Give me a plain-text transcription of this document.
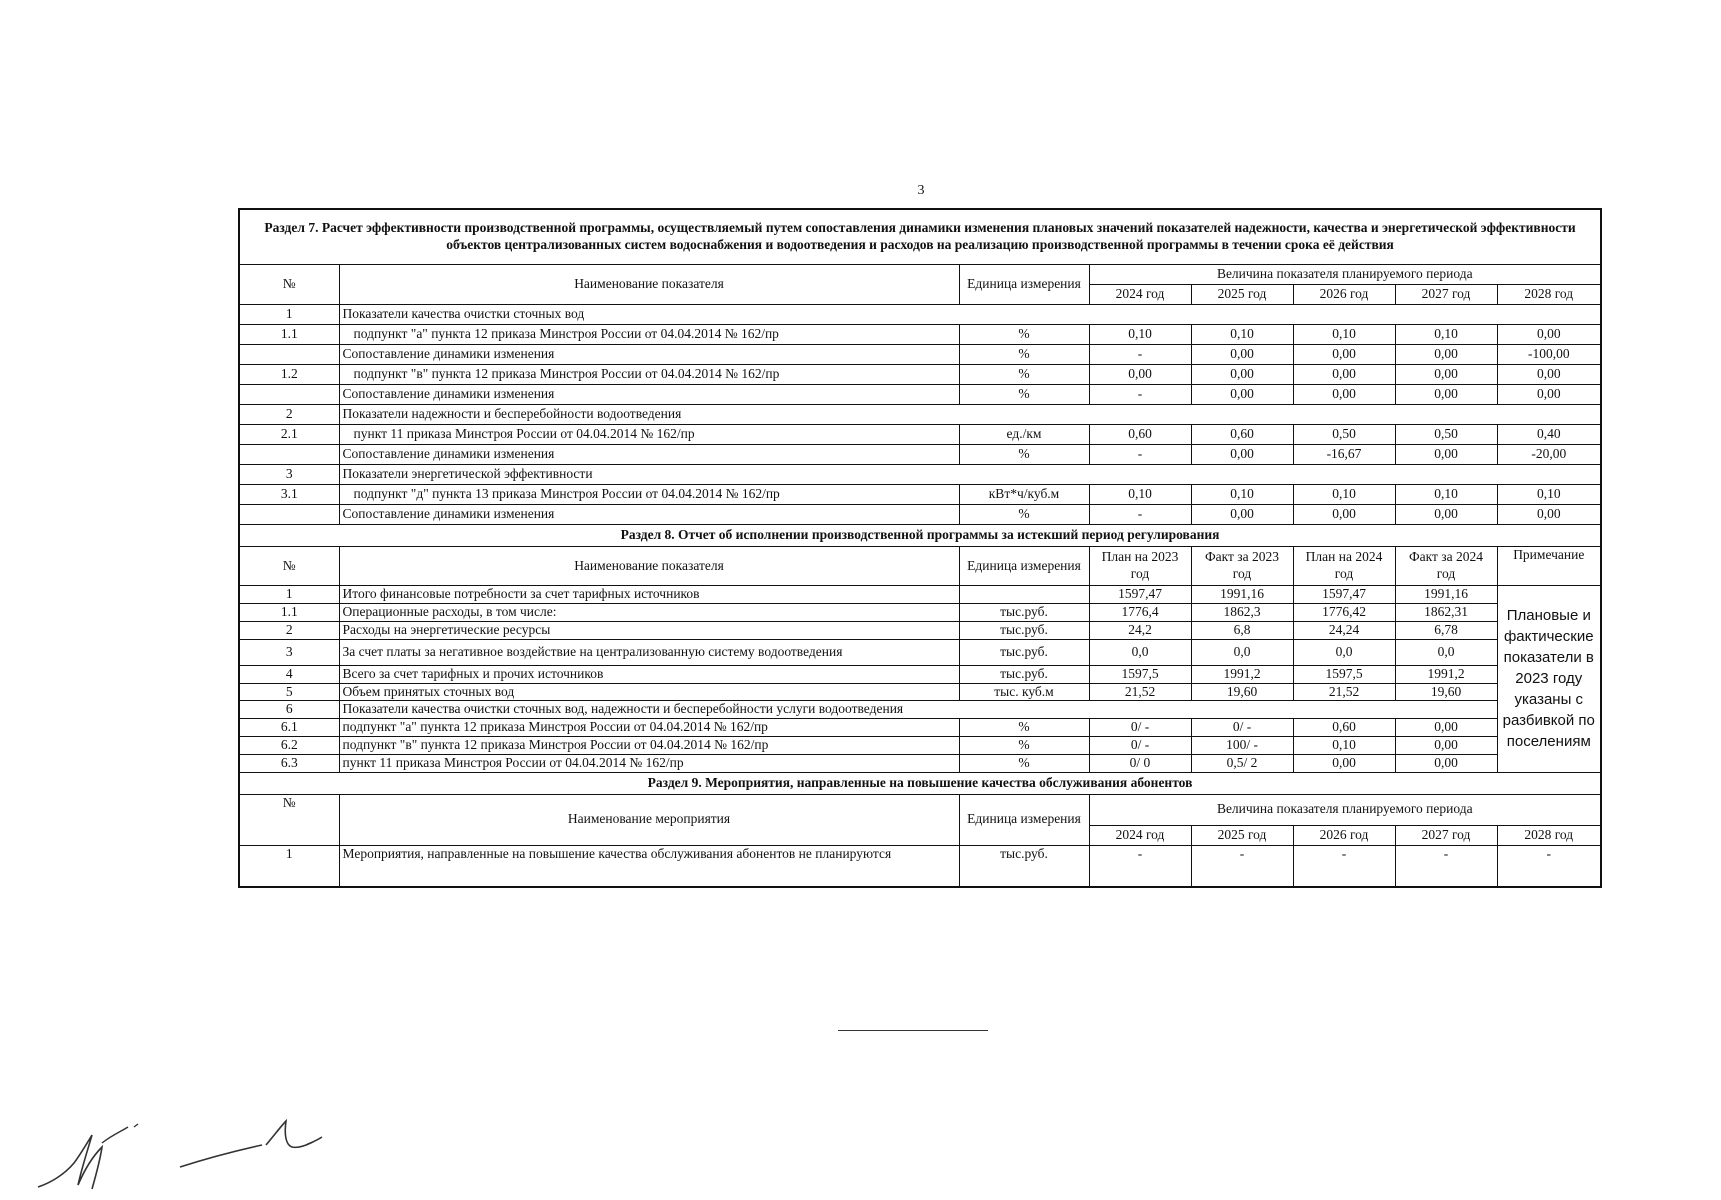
3
Раздел 7. Расчет эффективности производственной программы, осуществляемый путем сопоставления динамики изменения плановых значений показателей надежности, качества и энергетической эффективности объектов централизованных систем водоснабжения и водоотведения и расходов на реализацию производственной программы в течении срока её действия							
№	Наименование показателя	Единица измерения	Величина показателя планируемого периода				
			2024 год	2025 год	2026 год	2027 год	2028 год
1	Показатели качества очистки сточных вод						
1.1	подпункт "а" пункта 12 приказа Минстроя России от 04.04.2014 № 162/пр	%	0,10	0,10	0,10	0,10	0,00
	Сопоставление динамики изменения	%	-	0,00	0,00	0,00	-100,00
1.2	подпункт "в" пункта 12 приказа Минстроя России от 04.04.2014 № 162/пр	%	0,00	0,00	0,00	0,00	0,00
	Сопоставление динамики изменения	%	-	0,00	0,00	0,00	0,00
2	Показатели надежности и бесперебойности водоотведения						
2.1	пункт 11 приказа Минстроя России от 04.04.2014 № 162/пр	ед./км	0,60	0,60	0,50	0,50	0,40
	Сопоставление динамики изменения	%	-	0,00	-16,67	0,00	-20,00
3	Показатели энергетической эффективности						
3.1	подпункт "д" пункта 13 приказа Минстроя России от 04.04.2014 № 162/пр	кВт*ч/куб.м	0,10	0,10	0,10	0,10	0,10
	Сопоставление динамики изменения	%	-	0,00	0,00	0,00	0,00
Раздел 8. Отчет об исполнении производственной программы за истекший период регулирования							
№	Наименование показателя	Единица измерения	План на 2023 год	Факт за 2023 год	План на 2024 год	Факт за 2024 год	Примечание
1	Итого финансовые потребности за счет тарифных источников		1597,47	1991,16	1597,47	1991,16	Плановые и фактические показатели в 2023 году указаны с разбивкой по поселениям
1.1	Операционные расходы, в том числе:	тыс.руб.	1776,4	1862,3	1776,42	1862,31	
2	Расходы на энергетические ресурсы	тыс.руб.	24,2	6,8	24,24	6,78	
3	За счет платы за негативное воздействие на централизованную систему водоотведения	тыс.руб.	0,0	0,0	0,0	0,0	
4	Всего за счет тарифных и прочих источников	тыс.руб.	1597,5	1991,2	1597,5	1991,2	
5	Объем принятых сточных вод	тыс. куб.м	21,52	19,60	21,52	19,60	
6	Показатели качества очистки сточных вод, надежности и бесперебойности услуги водоотведения						
6.1	подпункт "а" пункта 12 приказа Минстроя России от 04.04.2014 № 162/пр	%	0/ -	0/ -	0,60	0,00	
6.2	подпункт "в" пункта 12 приказа Минстроя России от 04.04.2014 № 162/пр	%	0/ -	100/ -	0,10	0,00	
6.3	пункт 11 приказа Минстроя России от 04.04.2014 № 162/пр	%	0/ 0	0,5/ 2	0,00	0,00	
Раздел 9. Мероприятия, направленные на повышение качества обслуживания абонентов							
№	Наименование мероприятия	Единица измерения	Величина показателя планируемого периода				
			2024 год	2025 год	2026 год	2027 год	2028 год
1	Мероприятия, направленные на повышение качества обслуживания абонентов не планируются	тыс.руб.	-	-	-	-	-
